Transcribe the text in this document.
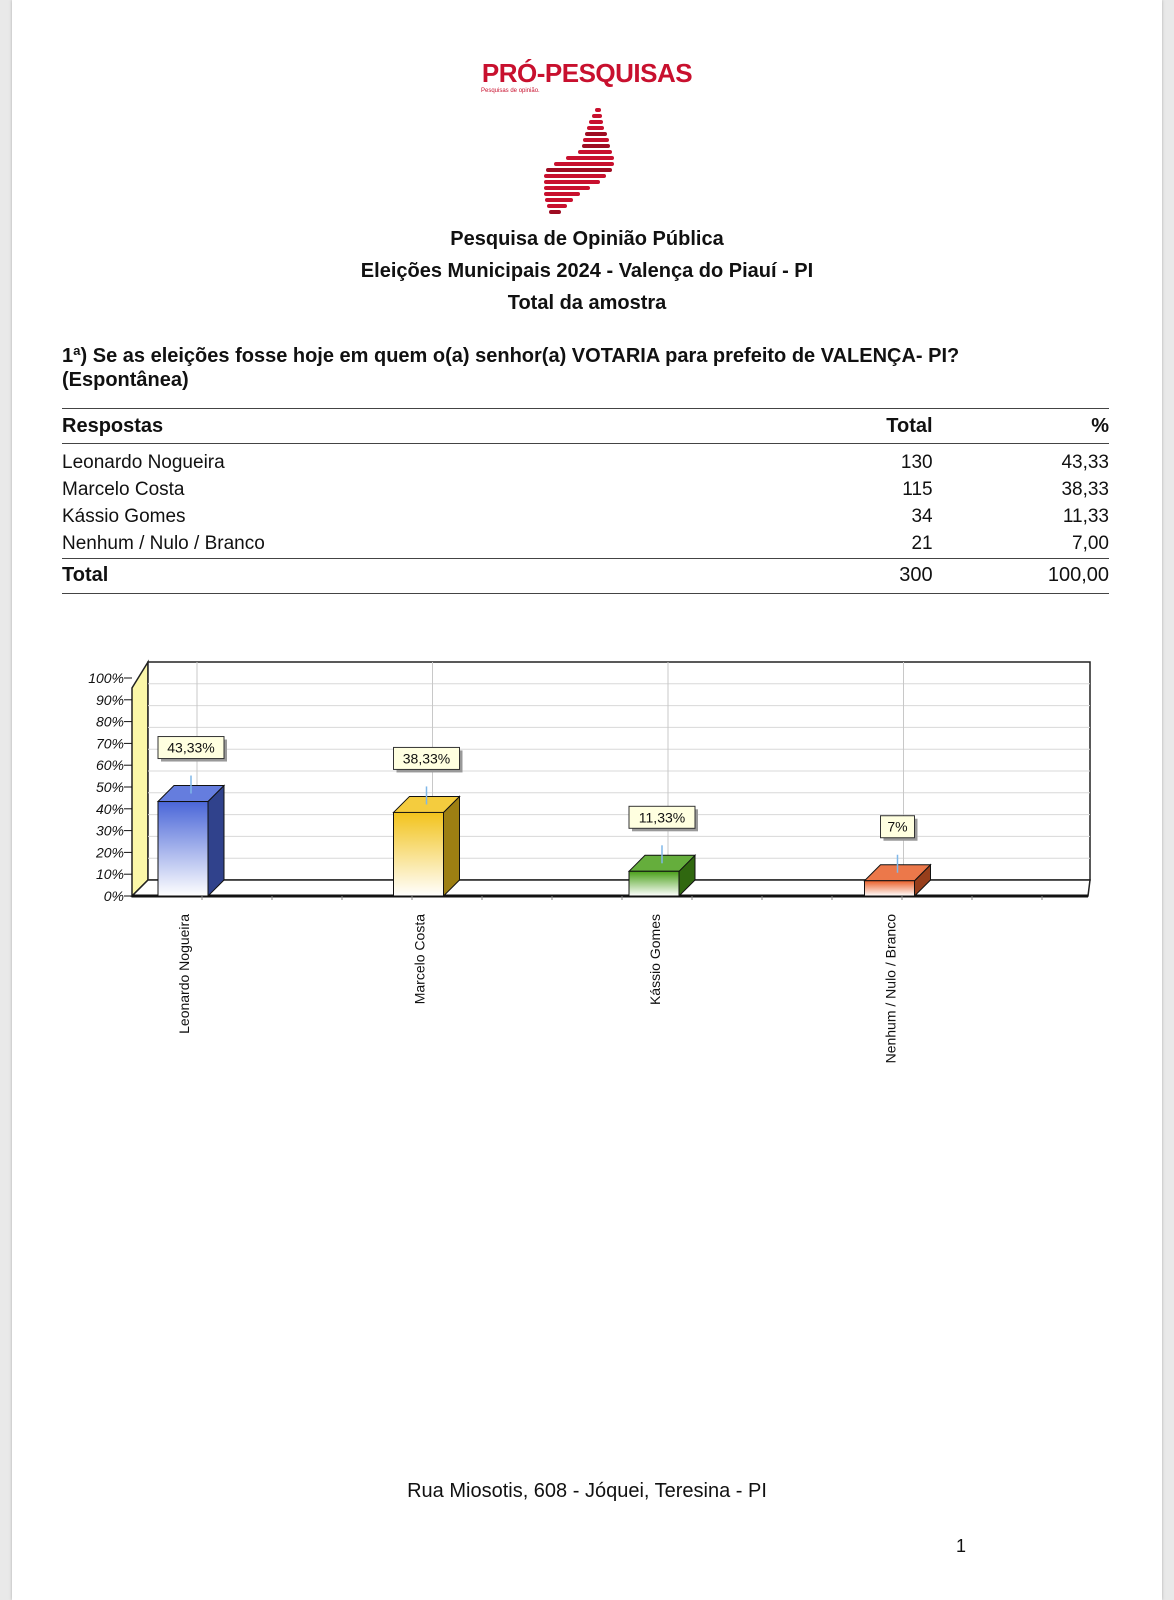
PRÓ-PESQUISAS
Pesquisas de opinião.
Pesquisa de Opinião Pública
Eleições Municipais 2024 - Valença do Piauí - PI
Total da amostra
1ª) Se as eleições fosse hoje em quem o(a) senhor(a) VOTARIA para prefeito de VALENÇA- PI?
(Espontânea)
Respostas	Total	%

Leonardo Nogueira	130	43,33
Marcelo Costa	115	38,33
Kássio Gomes	34	11,33
Nenhum / Nulo / Branco	21	7,00
Total	300	100,00
0%
10%
20%
30%
40%
50%
60%
70%
80%
90%
100%
43,33%
Leonardo Nogueira
38,33%
Marcelo Costa
11,33%
Kássio Gomes
7%
Nenhum / Nulo / Branco
Rua Miosotis, 608 - Jóquei, Teresina - PI
1
